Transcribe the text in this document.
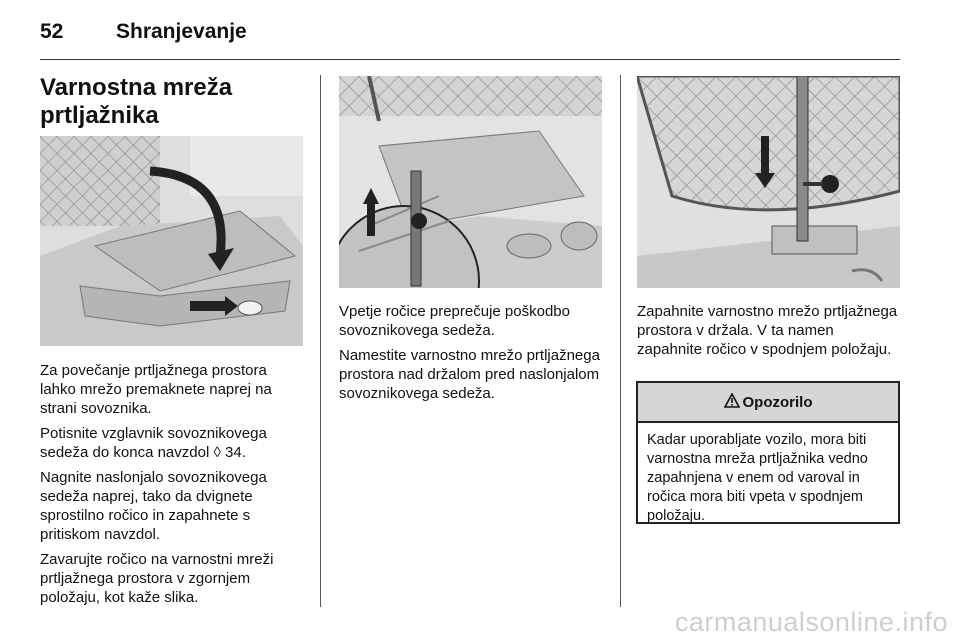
52	Shranjevanje
Varnostna mreža prtljažnika

Za povečanje prtljažnega prostora lahko mrežo premaknete naprej na strani sovoznika.

Potisnite vzglavnik sovoznikovega sedeža do konca navzdol ◊ 34.

Nagnite naslonjalo sovoznikovega sedeža naprej, tako da dvignete sprostilno ročico in zapahnete s pritiskom navzdol.

Zavarujte ročico na varnostni mreži prtljažnega prostora v zgornjem položaju, kot kaže slika.

Vpetje ročice preprečuje poškodbo sovoznikovega sedeža.

Namestite varnostno mrežo prtljažnega prostora nad držalom pred naslonjalom sovoznikovega sedeža.

Zapahnite varnostno mrežo prtljažnega prostora v držala. V ta namen zapahnite ročico v spodnjem položaju.

Opozorilo
Kadar uporabljate vozilo, mora biti varnostna mreža prtljažnika vedno zapahnjena v enem od varoval in ročica mora biti vpeta v spodnjem položaju.
carmanualsonline.info
